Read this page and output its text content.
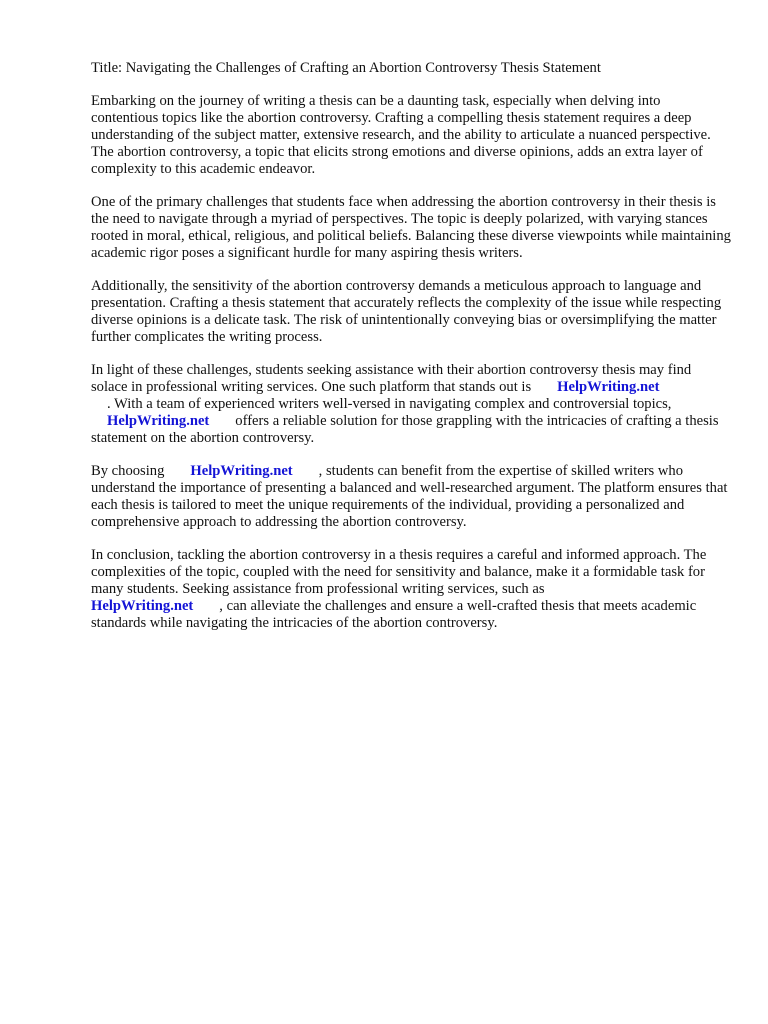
Title: Navigating the Challenges of Crafting an Abortion Controversy Thesis Statement

Embarking on the journey of writing a thesis can be a daunting task, especially when delving into contentious topics like the abortion controversy. Crafting a compelling thesis statement requires a deep understanding of the subject matter, extensive research, and the ability to articulate a nuanced perspective. The abortion controversy, a topic that elicits strong emotions and diverse opinions, adds an extra layer of complexity to this academic endeavor.

One of the primary challenges that students face when addressing the abortion controversy in their thesis is the need to navigate through a myriad of perspectives. The topic is deeply polarized, with varying stances rooted in moral, ethical, religious, and political beliefs. Balancing these diverse viewpoints while maintaining academic rigor poses a significant hurdle for many aspiring thesis writers.

Additionally, the sensitivity of the abortion controversy demands a meticulous approach to language and presentation. Crafting a thesis statement that accurately reflects the complexity of the issue while respecting diverse opinions is a delicate task. The risk of unintentionally conveying bias or oversimplifying the matter further complicates the writing process.

In light of these challenges, students seeking assistance with their abortion controversy thesis may find solace in professional writing services. One such platform that stands out is HelpWriting.net
. With a team of experienced writers well-versed in navigating complex and controversial topics,
HelpWriting.net offers a reliable solution for those grappling with the intricacies of crafting a thesis statement on the abortion controversy.

By choosing HelpWriting.net , students can benefit from the expertise of skilled writers who understand the importance of presenting a balanced and well-researched argument. The platform ensures that each thesis is tailored to meet the unique requirements of the individual, providing a personalized and comprehensive approach to addressing the abortion controversy.

In conclusion, tackling the abortion controversy in a thesis requires a careful and informed approach. The complexities of the topic, coupled with the need for sensitivity and balance, make it a formidable task for many students. Seeking assistance from professional writing services, such as
HelpWriting.net , can alleviate the challenges and ensure a well-crafted thesis that meets academic standards while navigating the intricacies of the abortion controversy.
